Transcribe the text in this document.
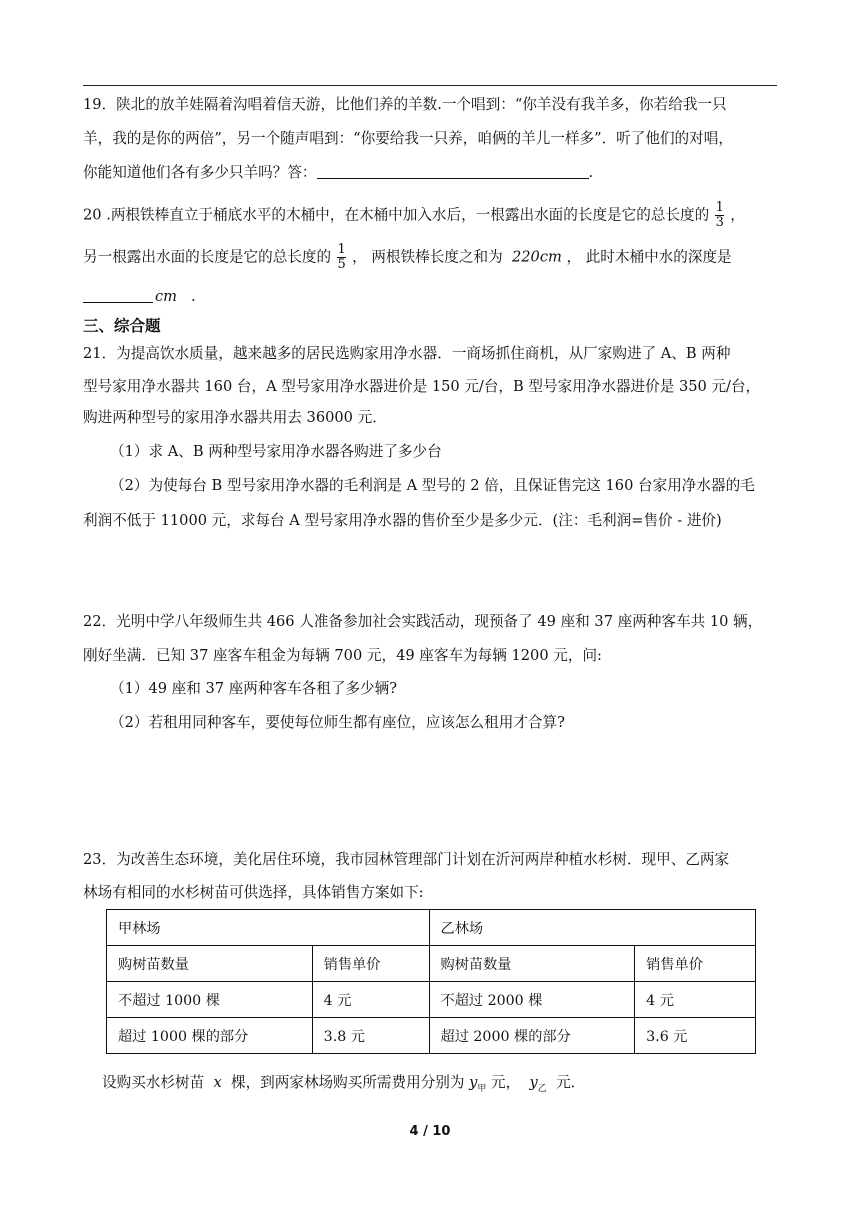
19．陕北的放羊娃隔着沟唱着信天游，比他们养的羊数.一个唱到：“你羊没有我羊多，你若给我一只
羊，我的是你的两倍”，另一个随声唱到：“你要给我一只养，咱俩的羊儿一样多”．听了他们的对唱，
你能知道他们各有多少只羊吗？答：	.
20 .两根铁棒直立于桶底水平的木桶中，在木桶中加入水后，一根露出水面的长度是它的总长度的 $\frac{1}{3}$ ，
另一根露出水面的长度是它的总长度的 $\frac{1}{5}$ ， 两根铁棒长度之和为 220cm ， 此时木桶中水的深度是
cm .
三、综合题
21．为提高饮水质量，越来越多的居民选购家用净水器．一商场抓住商机，从厂家购进了 A、B 两种
型号家用净水器共 160 台，A 型号家用净水器进价是 150 元/台，B 型号家用净水器进价是 350 元/台，
购进两种型号的家用净水器共用去 36000 元．
（1）求 A、B 两种型号家用净水器各购进了多少台
（2）为使每台 B 型号家用净水器的毛利润是 A 型号的 2 倍，且保证售完这 160 台家用净水器的毛
利润不低于 11000 元，求每台 A 型号家用净水器的售价至少是多少元．(注：毛利润=售价 - 进价)
22．光明中学八年级师生共 466 人准备参加社会实践活动，现预备了 49 座和 37 座两种客车共 10 辆，
刚好坐满．已知 37 座客车租金为每辆 700 元，49 座客车为每辆 1200 元，问:
（1）49 座和 37 座两种客车各租了多少辆?
（2）若租用同种客车，要使每位师生都有座位，应该怎么租用才合算?
23．为改善生态环境，美化居住环境，我市园林管理部门计划在沂河两岸种植水杉树．现甲、乙两家
林场有相同的水杉树苗可供选择，具体销售方案如下:
甲林场		乙林场	
购树苗数量	销售单价	购树苗数量	销售单价
不超过 1000 棵	4 元	不超过 2000 棵	4 元
超过 1000 棵的部分	3.8 元	超过 2000 棵的部分	3.6 元
设购买水杉树苗 x 棵，到两家林场购买所需费用分别为 $y_甲$ 元， $y_乙$ 元．
4 / 10
